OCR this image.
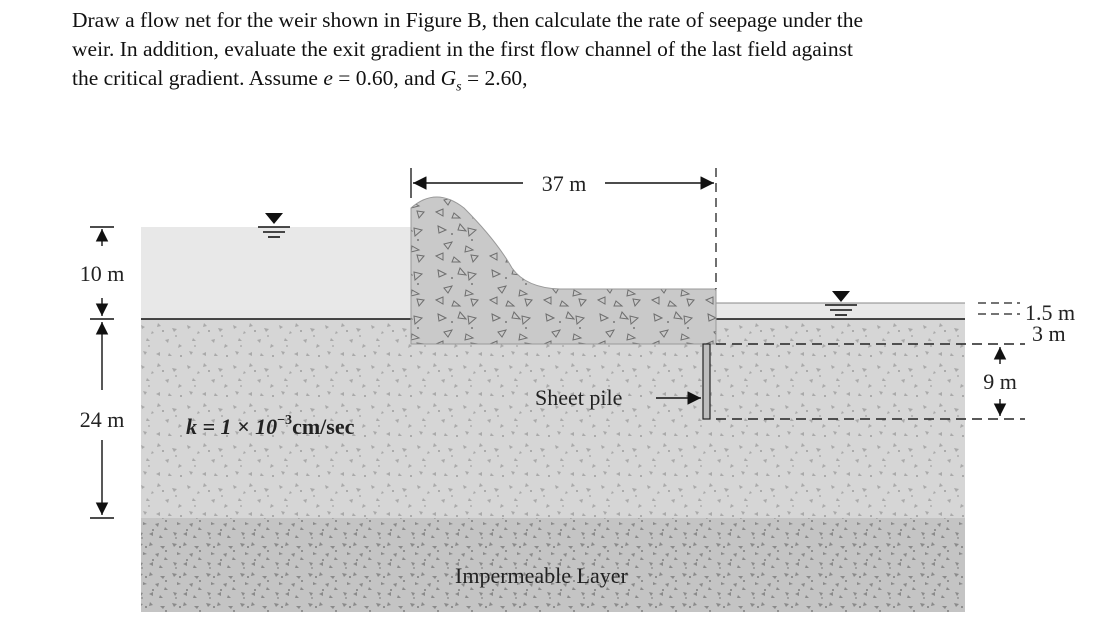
Draw a flow net for the weir shown in Figure B, then calculate the rate of seepage under the

weir. In addition, evaluate the exit gradient in the first flow channel of the last field against

the critical gradient. Assume e = 0.60, and $G_s = 2.60$,

37 m
10 m
24 m	$k = 1 \times 10^{-3}cm/\sec$
Sheet pile
Impermeable Layer
1.5 m
3 m
9 m
